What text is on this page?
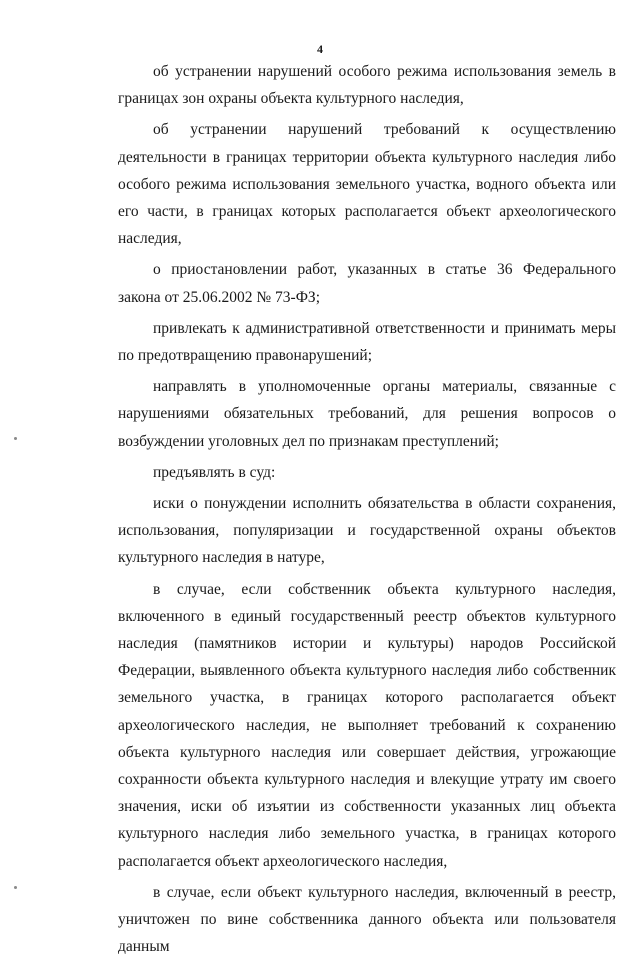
4

об устранении нарушений особого режима использования земель в границах зон охраны объекта культурного наследия,

об устранении нарушений требований к осуществлению деятельности в границах территории объекта культурного наследия либо особого режима использования земельного участка, водного объекта или его части, в границах которых располагается объект археологического наследия,

о приостановлении работ, указанных в статье 36 Федерального закона от 25.06.2002 № 73-ФЗ;

привлекать к административной ответственности и принимать меры по предотвращению правонарушений;

направлять в уполномоченные органы материалы, связанные с нарушениями обязательных требований, для решения вопросов о возбуждении уголовных дел по признакам преступлений;

предъявлять в суд:

иски о понуждении исполнить обязательства в области сохранения, использования, популяризации и государственной охраны объектов культурного наследия в натуре,

в случае, если собственник объекта культурного наследия, включенного в единый государственный реестр объектов культурного наследия (памятников истории и культуры) народов Российской Федерации, выявленного объекта культурного наследия либо собственник земельного участка, в границах которого располагается объект археологического наследия, не выполняет требований к сохранению объекта культурного наследия или совершает действия, угрожающие сохранности объекта культурного наследия и влекущие утрату им своего значения, иски об изъятии из собственности указанных лиц объекта культурного наследия либо земельного участка, в границах которого располагается объект археологического наследия,

в случае, если объект культурного наследия, включенный в реестр, уничтожен по вине собственника данного объекта или пользователя данным
